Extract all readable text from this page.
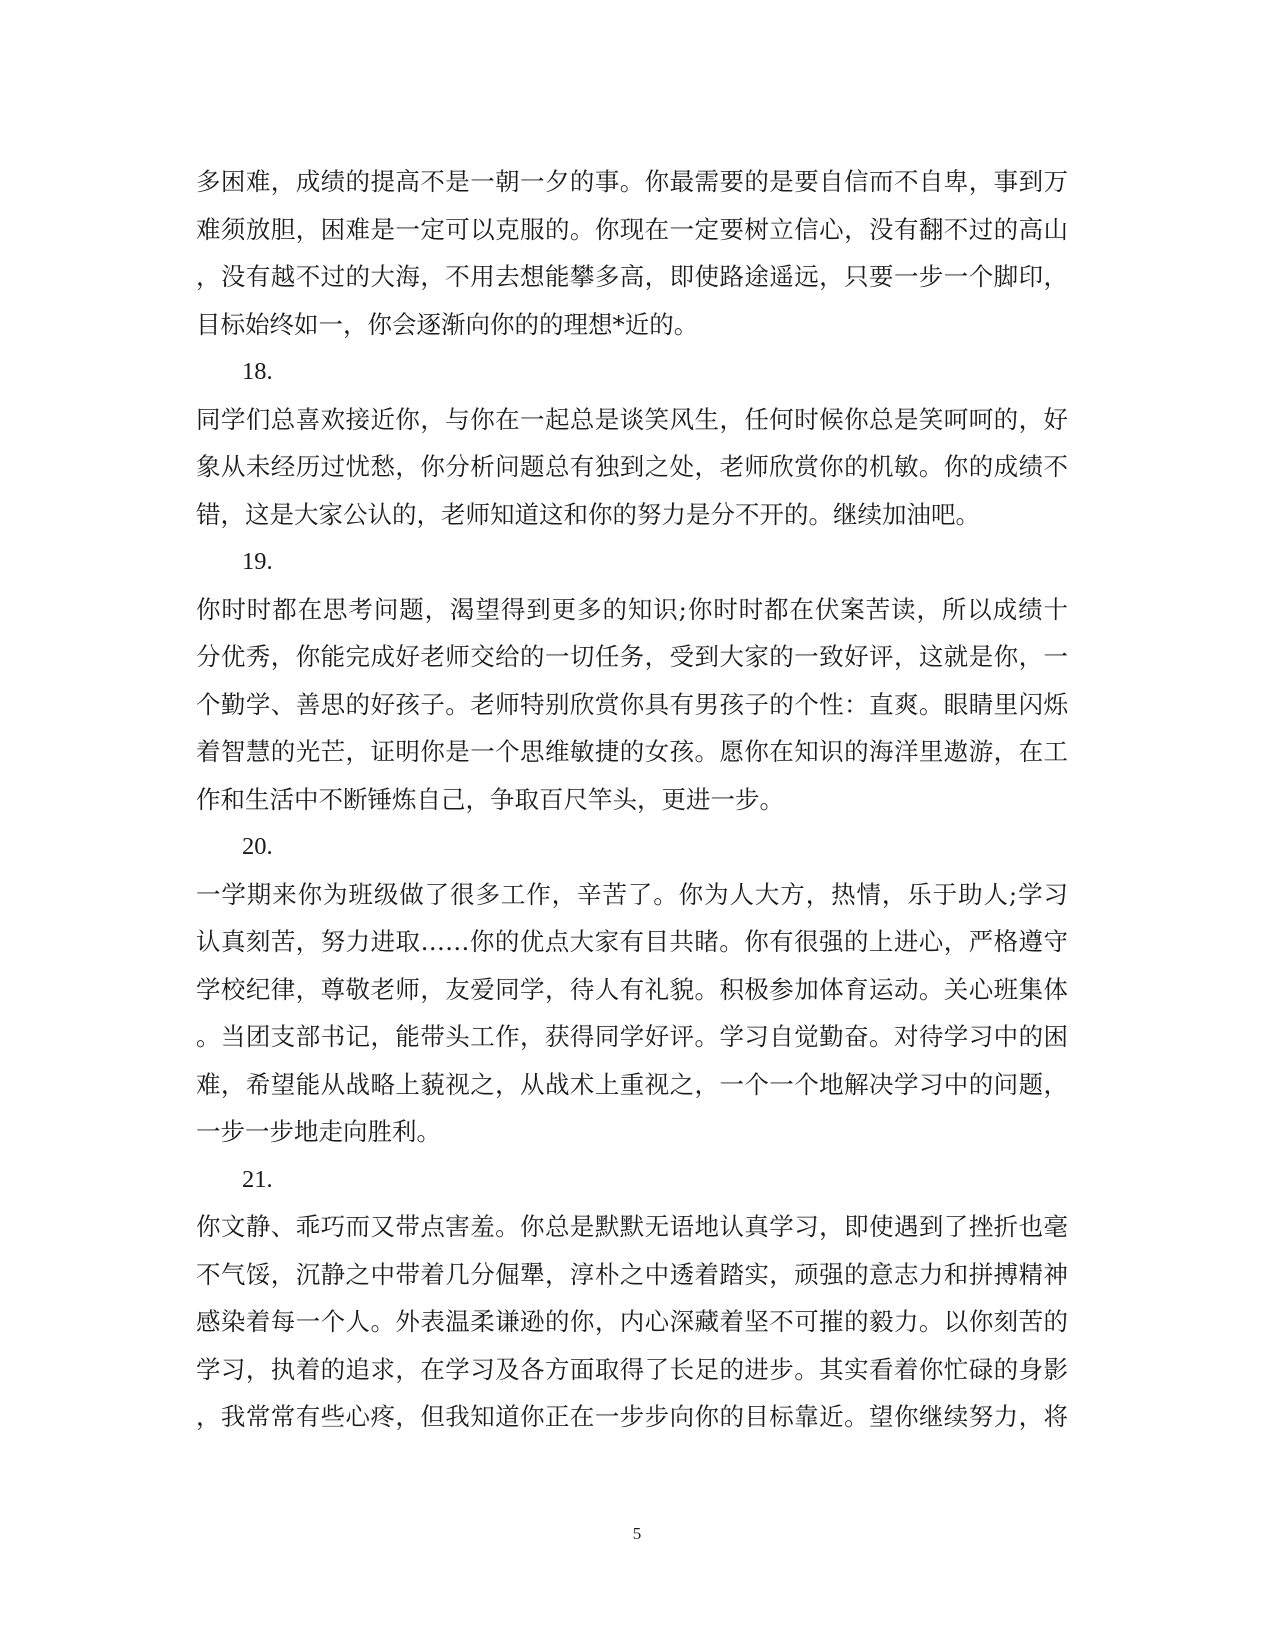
多困难，成绩的提高不是一朝一夕的事。你最需要的是要自信而不自卑，事到万
难须放胆，困难是一定可以克服的。你现在一定要树立信心，没有翻不过的高山
，没有越不过的大海，不用去想能攀多高，即使路途遥远，只要一步一个脚印，
目标始终如一，你会逐渐向你的的理想*近的。
18.
同学们总喜欢接近你，与你在一起总是谈笑风生，任何时候你总是笑呵呵的，好
象从未经历过忧愁，你分析问题总有独到之处，老师欣赏你的机敏。你的成绩不
错，这是大家公认的，老师知道这和你的努力是分不开的。继续加油吧。
19.
你时时都在思考问题，渴望得到更多的知识;你时时都在伏案苦读，所以成绩十
分优秀，你能完成好老师交给的一切任务，受到大家的一致好评，这就是你，一
个勤学、善思的好孩子。老师特别欣赏你具有男孩子的个性：直爽。眼睛里闪烁
着智慧的光芒，证明你是一个思维敏捷的女孩。愿你在知识的海洋里遨游，在工
作和生活中不断锤炼自己，争取百尺竿头，更进一步。
20.
一学期来你为班级做了很多工作，辛苦了。你为人大方，热情，乐于助人;学习
认真刻苦，努力进取……你的优点大家有目共睹。你有很强的上进心，严格遵守
学校纪律，尊敬老师，友爱同学，待人有礼貌。积极参加体育运动。关心班集体
。当团支部书记，能带头工作，获得同学好评。学习自觉勤奋。对待学习中的困
难，希望能从战略上藐视之，从战术上重视之，一个一个地解决学习中的问题，
一步一步地走向胜利。
21.
你文静、乖巧而又带点害羞。你总是默默无语地认真学习，即使遇到了挫折也毫
不气馁，沉静之中带着几分倔犟，淳朴之中透着踏实，顽强的意志力和拼搏精神
感染着每一个人。外表温柔谦逊的你，内心深藏着坚不可摧的毅力。以你刻苦的
学习，执着的追求，在学习及各方面取得了长足的进步。其实看着你忙碌的身影
，我常常有些心疼，但我知道你正在一步步向你的目标靠近。望你继续努力，将
5
